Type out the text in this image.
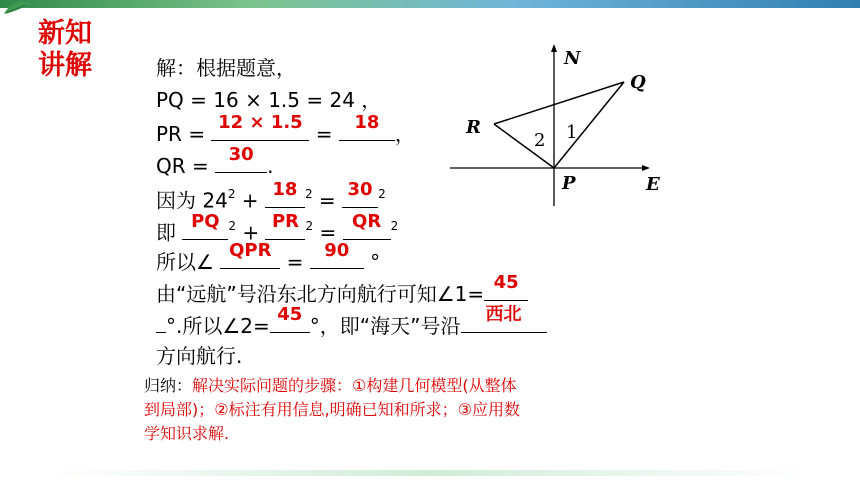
新知
讲解	解：根据题意，
PQ = 16 × 1.5 = 24 ，
PR = 12 × 1.5 = 18 ，
QR = 30 .
因为 $24^2 + 18$ $^2$ = 30 $^2$
即 PQ $^2$ + PR $^2$ = QR $^2$
所以∠ QPR = 90 °
由“远航”号沿东北方向航行可知∠1= 45
°.所以∠2= 45 °，即“海天”号沿	西北
方向航行.
归纳：解决实际问题的步骤：①构建几何模型(从整体
到局部)；②标注有用信息,明确已知和所求；③应用数
学知识求解.
N
Q
R
P	E
1
2
